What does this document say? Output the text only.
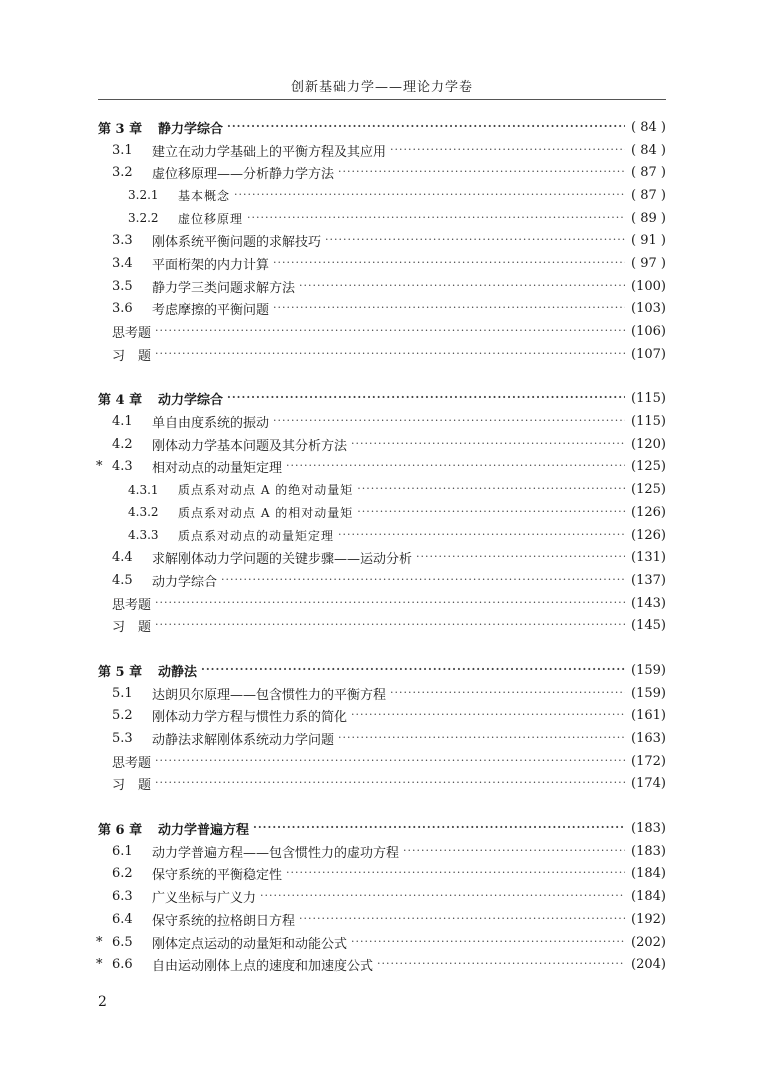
创新基础力学——理论力学卷
第 3 章	静力学综合 ·····	( 84 )
3.1	建立在动力学基础上的平衡方程及其应用 ·····	( 84 )
3.2	虚位移原理——分析静力学方法 ·····	( 87 )
3.2.1	基本概念 ·····	( 87 )
3.2.2	虚位移原理 ·····	( 89 )
3.3	刚体系统平衡问题的求解技巧 ·····	( 91 )
3.4	平面桁架的内力计算 ·····	( 97 )
3.5	静力学三类问题求解方法 ·····	(100)
3.6	考虑摩擦的平衡问题 ·····	(103)
思考题 ·····	(106)
习　题 ·····	(107)
第 4 章	动力学综合 ·····	(115)
4.1	单自由度系统的振动 ·····	(115)
4.2	刚体动力学基本问题及其分析方法 ·····	(120)
* 4.3	相对动点的动量矩定理 ·····	(125)
4.3.1	质点系对动点 A 的绝对动量矩 ·····	(125)
4.3.2	质点系对动点 A 的相对动量矩 ·····	(126)
4.3.3	质点系对动点的动量矩定理 ·····	(126)
4.4	求解刚体动力学问题的关键步骤——运动分析 ·····	(131)
4.5	动力学综合 ·····	(137)
思考题 ·····	(143)
习　题 ·····	(145)
第 5 章	动静法 ·····	(159)
5.1	达朗贝尔原理——包含惯性力的平衡方程 ·····	(159)
5.2	刚体动力学方程与惯性力系的简化 ·····	(161)
5.3	动静法求解刚体系统动力学问题 ·····	(163)
思考题 ·····	(172)
习　题 ·····	(174)
第 6 章	动力学普遍方程 ·····	(183)
6.1	动力学普遍方程——包含惯性力的虚功方程 ·····	(183)
6.2	保守系统的平衡稳定性 ·····	(184)
6.3	广义坐标与广义力 ·····	(184)
6.4	保守系统的拉格朗日方程 ·····	(192)
* 6.5	刚体定点运动的动量矩和动能公式 ·····	(202)
* 6.6	自由运动刚体上点的速度和加速度公式 ·····	(204)
2
